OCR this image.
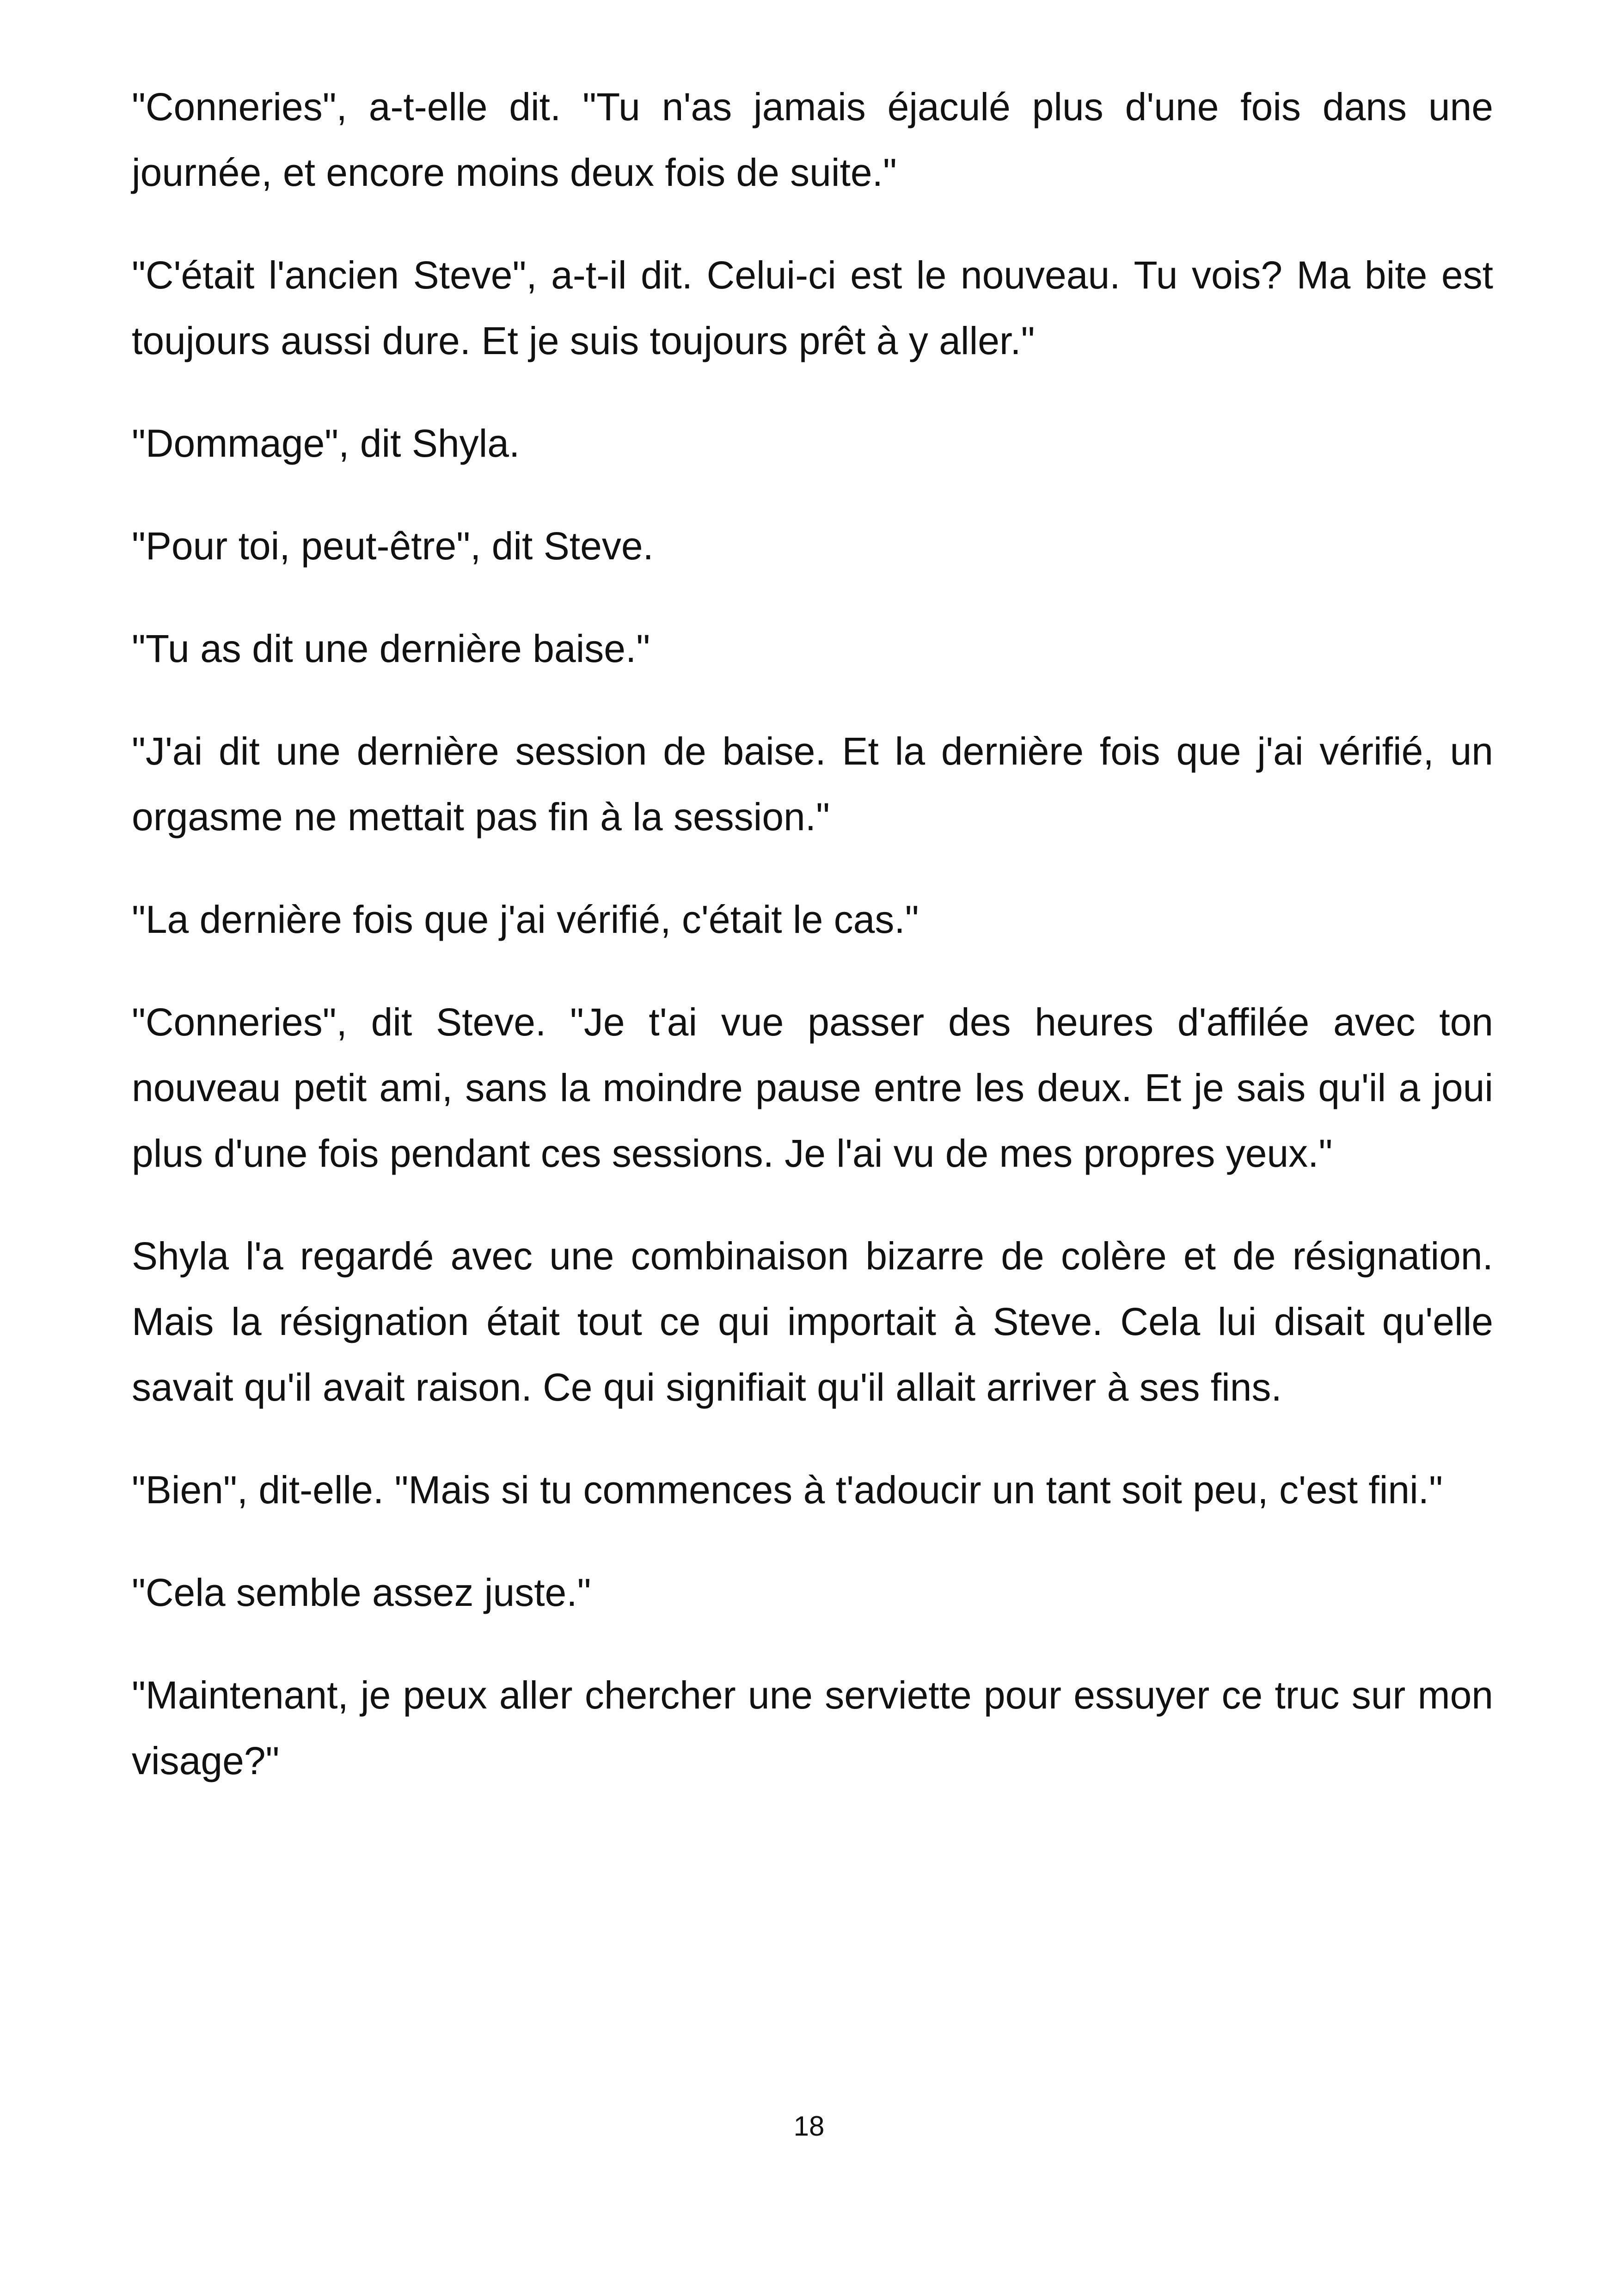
"Conneries", a-t-elle dit. "Tu n'as jamais éjaculé plus d'une fois dans une journée, et encore moins deux fois de suite."

"C'était l'ancien Steve", a-t-il dit. Celui-ci est le nouveau. Tu vois? Ma bite est toujours aussi dure. Et je suis toujours prêt à y aller."

"Dommage", dit Shyla.

"Pour toi, peut-être", dit Steve.

"Tu as dit une dernière baise."

"J'ai dit une dernière session de baise. Et la dernière fois que j'ai vérifié, un orgasme ne mettait pas fin à la session."

"La dernière fois que j'ai vérifié, c'était le cas."

"Conneries", dit Steve. "Je t'ai vue passer des heures d'affilée avec ton nouveau petit ami, sans la moindre pause entre les deux. Et je sais qu'il a joui plus d'une fois pendant ces sessions. Je l'ai vu de mes propres yeux."

Shyla l'a regardé avec une combinaison bizarre de colère et de résignation. Mais la résignation était tout ce qui importait à Steve. Cela lui disait qu'elle savait qu'il avait raison. Ce qui signifiait qu'il allait arriver à ses fins.

"Bien", dit-elle. "Mais si tu commences à t'adoucir un tant soit peu, c'est fini."

"Cela semble assez juste."

"Maintenant, je peux aller chercher une serviette pour essuyer ce truc sur mon visage?"

18
